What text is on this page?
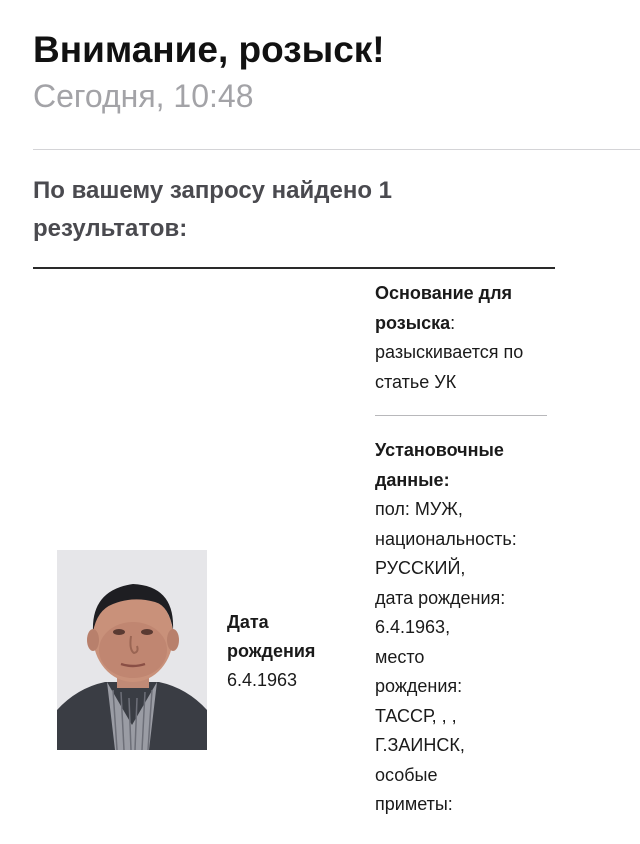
Внимание, розыск!
Сегодня, 10:48
По вашему запросу найдено 1 результатов:
Дата рождения
6.4.1963
Основание для розыска:
разыскивается по статье УК
Установочные данные:
пол: МУЖ,
национальность:
РУССКИЙ,
дата рождения:
6.4.1963,
место
рождения:
ТАССР, , ,
Г.ЗАИНСК,
особые
приметы:
